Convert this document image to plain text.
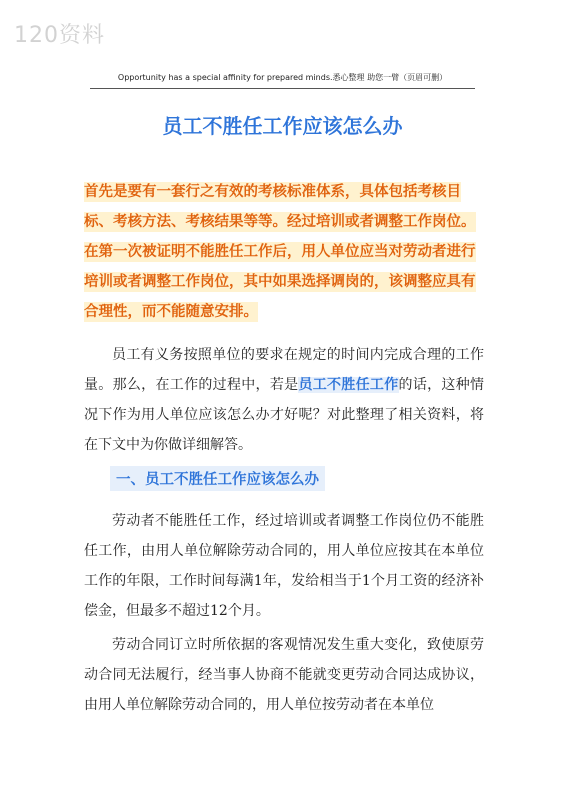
120资料
Opportunity has a special affinity for prepared minds.悉心整理 助您一臂（页眉可删）
员工不胜任工作应该怎么办
首先是要有一套行之有效的考核标准体系，具体包括考核目标、考核方法、考核结果等等。经过培训或者调整工作岗位。在第一次被证明不能胜任工作后，用人单位应当对劳动者进行培训或者调整工作岗位，其中如果选择调岗的，该调整应具有合理性，而不能随意安排。
员工有义务按照单位的要求在规定的时间内完成合理的工作量。那么，在工作的过程中，若是员工不胜任工作的话，这种情况下作为用人单位应该怎么办才好呢？对此整理了相关资料，将在下文中为你做详细解答。
一、员工不胜任工作应该怎么办
劳动者不能胜任工作，经过培训或者调整工作岗位仍不能胜任工作，由用人单位解除劳动合同的，用人单位应按其在本单位工作的年限，工作时间每满1年，发给相当于1个月工资的经济补偿金，但最多不超过12个月。
劳动合同订立时所依据的客观情况发生重大变化，致使原劳动合同无法履行，经当事人协商不能就变更劳动合同达成协议，由用人单位解除劳动合同的，用人单位按劳动者在本单位
